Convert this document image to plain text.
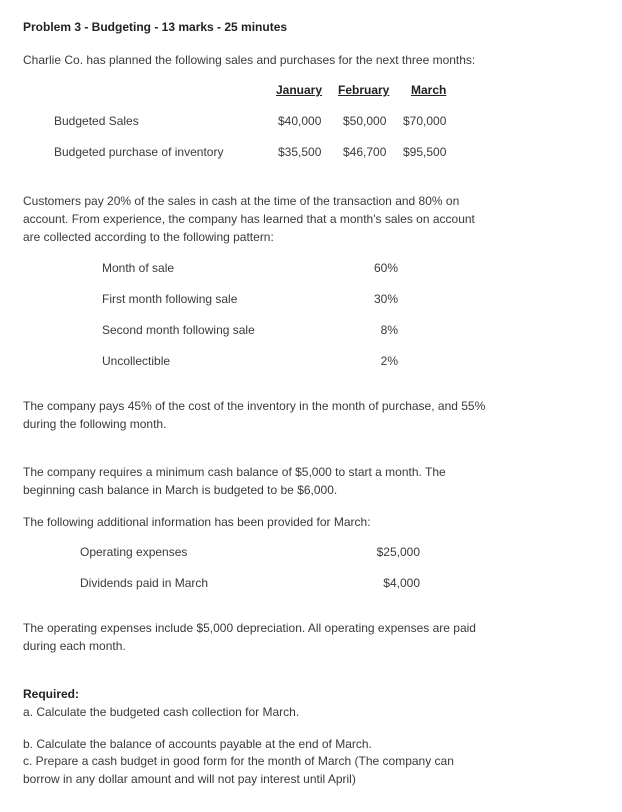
Problem 3 - Budgeting - 13 marks - 25 minutes
Charlie Co. has planned the following sales and purchases for the next three months:
January February March
Budgeted Sales	$40,000 $50,000 $70,000
Budgeted purchase of inventory	$35,500 $46,700 $95,500
Customers pay 20% of the sales in cash at the time of the transaction and 80% on account. From experience, the company has learned that a month's sales on account are collected according to the following pattern:
Month of sale	60%
First month following sale	30%
Second month following sale	8%
Uncollectible	2%
The company pays 45% of the cost of the inventory in the month of purchase, and 55% during the following month.
The company requires a minimum cash balance of $5,000 to start a month. The beginning cash balance in March is budgeted to be $6,000.
The following additional information has been provided for March:
Operating expenses	$25,000
Dividends paid in March	$4,000
The operating expenses include $5,000 depreciation. All operating expenses are paid during each month.
Required:
a. Calculate the budgeted cash collection for March.
b. Calculate the balance of accounts payable at the end of March.
c. Prepare a cash budget in good form for the month of March (The company can borrow in any dollar amount and will not pay interest until April)
